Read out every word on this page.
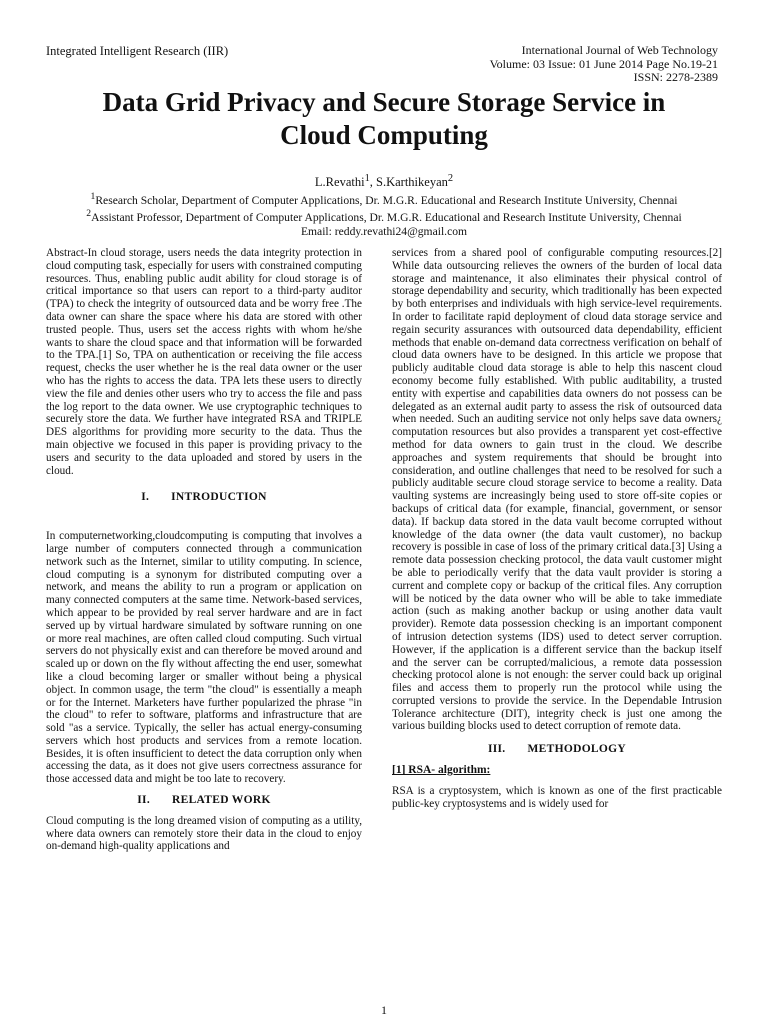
Integrated Intelligent Research (IIR)	International Journal of Web Technology
Volume: 03 Issue: 01 June 2014 Page No.19-21
ISSN: 2278-2389
Data Grid Privacy and Secure Storage Service in
Cloud Computing
L.Revathi$^1$, S.Karthikeyan$^2$
$^1$Research Scholar, Department of Computer Applications, Dr. M.G.R. Educational and Research Institute University, Chennai
$^2$Assistant Professor, Department of Computer Applications, Dr. M.G.R. Educational and Research Institute University, Chennai
Email: reddy.revathi24@gmail.com

Abstract-In cloud storage, users needs the data integrity protection in cloud computing task, especially for users with constrained computing resources. Thus, enabling public audit ability for cloud storage is of critical importance so that users can report to a third-party auditor (TPA) to check the integrity of outsourced data and be worry free .The data owner can share the space where his data are stored with other trusted people. Thus, users set the access rights with whom he/she wants to share the cloud space and that information will be forwarded to the TPA.[1] So, TPA on authentication or receiving the file access request, checks the user whether he is the real data owner or the user who has the rights to access the data. TPA lets these users to directly view the file and denies other users who try to access the file and pass the log report to the data owner. We use cryptographic techniques to securely store the data. We further have integrated RSA and TRIPLE DES algorithms for providing more security to the data. Thus the main objective we focused in this paper is providing privacy to the users and security to the data uploaded and stored by users in the cloud.

I. INTRODUCTION

In computernetworking,cloudcomputing is computing that involves a large number of computers connected through a communication network such as the Internet, similar to utility computing. In science, cloud computing is a synonym for distributed computing over a network, and means the ability to run a program or application on many connected computers at the same time. Network-based services, which appear to be provided by real server hardware and are in fact served up by virtual hardware simulated by software running on one or more real machines, are often called cloud computing. Such virtual servers do not physically exist and can therefore be moved around and scaled up or down on the fly without affecting the end user, somewhat like a cloud becoming larger or smaller without being a physical object. In common usage, the term "the cloud" is essentially a meaph or for the Internet. Marketers have further popularized the phrase "in the cloud" to refer to software, platforms and infrastructure that are sold "as a service. Typically, the seller has actual energy-consuming servers which host products and services from a remote location. Besides, it is often insufficient to detect the data corruption only when accessing the data, as it does not give users correctness assurance for those accessed data and might be too late to recovery.

II. RELATED WORK

Cloud computing is the long dreamed vision of computing as a utility, where data owners can remotely store their data in the cloud to enjoy on-demand high-quality applications and

services from a shared pool of configurable computing resources.[2] While data outsourcing relieves the owners of the burden of local data storage and maintenance, it also eliminates their physical control of storage dependability and security, which traditionally has been expected by both enterprises and individuals with high service-level requirements. In order to facilitate rapid deployment of cloud data storage service and regain security assurances with outsourced data dependability, efficient methods that enable on-demand data correctness verification on behalf of cloud data owners have to be designed. In this article we propose that publicly auditable cloud data storage is able to help this nascent cloud economy become fully established. With public auditability, a trusted entity with expertise and capabilities data owners do not possess can be delegated as an external audit party to assess the risk of outsourced data when needed. Such an auditing service not only helps save data owners¿ computation resources but also provides a transparent yet cost-effective method for data owners to gain trust in the cloud. We describe approaches and system requirements that should be brought into consideration, and outline challenges that need to be resolved for such a publicly auditable secure cloud storage service to become a reality. Data vaulting systems are increasingly being used to store off-site copies or backups of critical data (for example, financial, government, or sensor data). If backup data stored in the data vault become corrupted without knowledge of the data owner (the data vault customer), no backup recovery is possible in case of loss of the primary critical data.[3] Using a remote data possession checking protocol, the data vault customer might be able to periodically verify that the data vault provider is storing a current and complete copy or backup of the critical files. Any corruption will be noticed by the data owner who will be able to take immediate action (such as making another backup or using another data vault provider). Remote data possession checking is an important component of intrusion detection systems (IDS) used to detect server corruption. However, if the application is a different service than the backup itself and the server can be corrupted/malicious, a remote data possession checking protocol alone is not enough: the server could back up original files and access them to properly run the protocol while using the corrupted versions to provide the service. In the Dependable Intrusion Tolerance architecture (DIT), integrity check is just one among the various building blocks used to detect corruption of remote data.

III. METHODOLOGY
[1] RSA- algorithm:

RSA is a cryptosystem, which is known as one of the first practicable public-key cryptosystems and is widely used for

1
